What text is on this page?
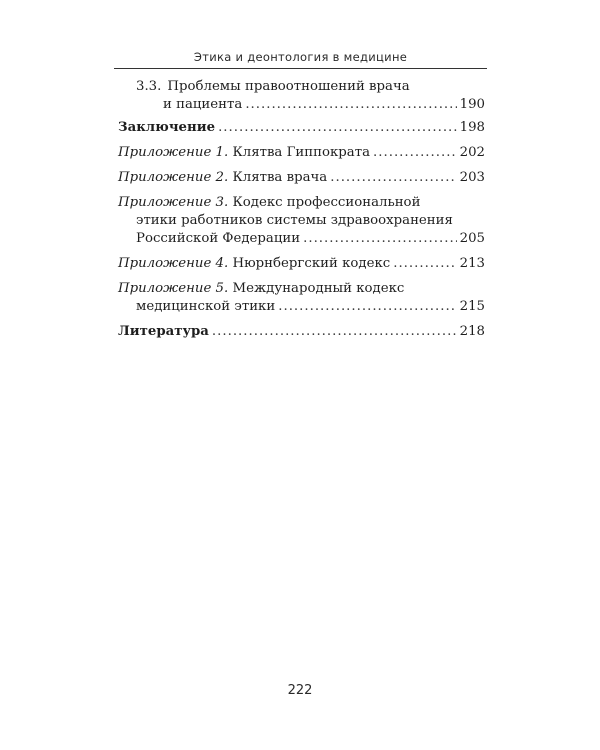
Этика и деонтология в медицине
3.3. Проблемы правоотношений врача
и пациента .....	190
Заключение .....	198
Приложение 1.
Клятва Гиппократа .....	202
Приложение 2.
Клятва врача .....	203
Приложение 3. Кодекс профессиональной
этики работников системы здравоохранения
Российской Федерации .....	205
Приложение 4.
Нюрнбергский кодекс .....	213
Приложение 5. Международный кодекс
медицинской этики .....	215
Литература .....	218
222
